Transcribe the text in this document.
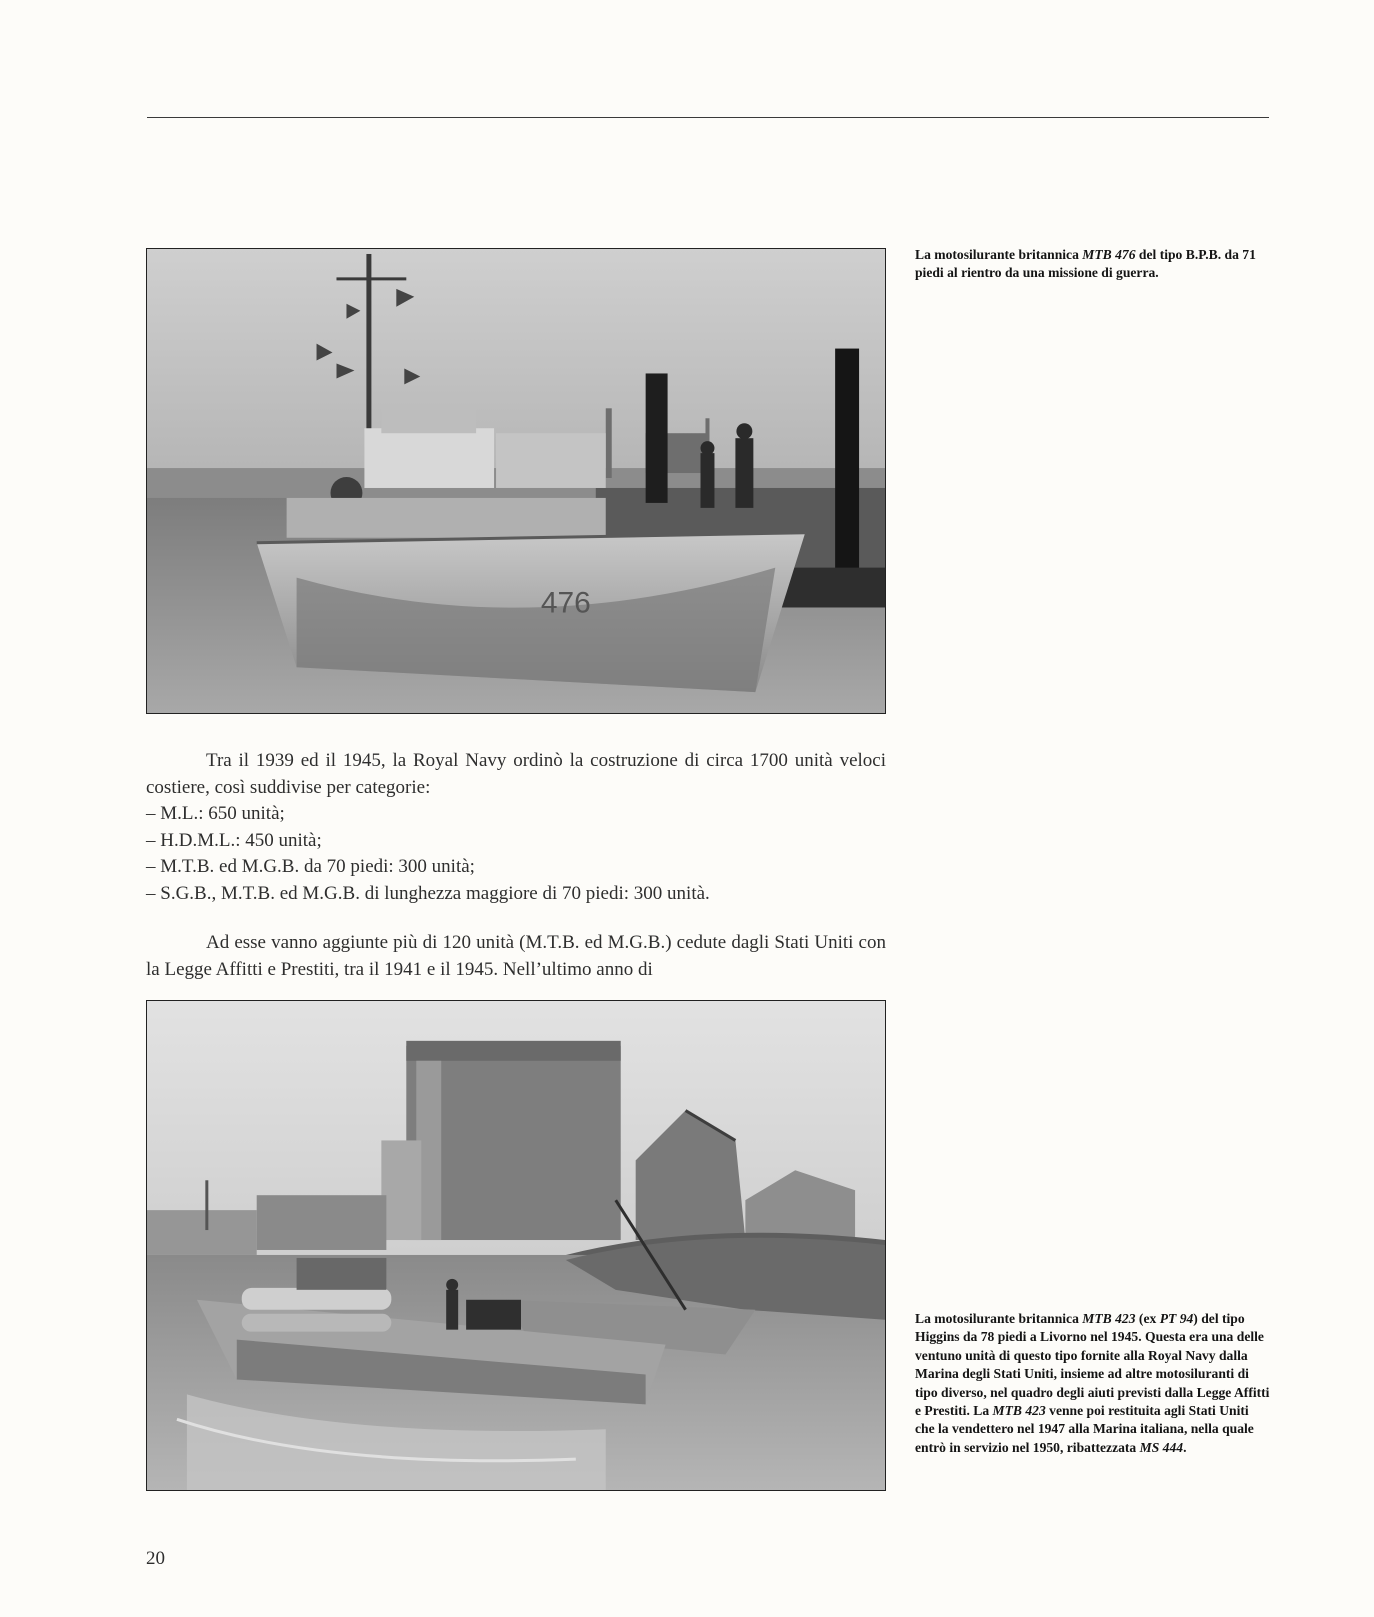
476
La motosilurante britannica MTB 476 del tipo B.P.B. da 71 piedi al rientro da una missione di guerra.

Tra il 1939 ed il 1945, la Royal Navy ordinò la costruzione di circa 1700 unità veloci costiere, così suddivise per categorie:

– M.L.: 650 unità;
– H.D.M.L.: 450 unità;
– M.T.B. ed M.G.B. da 70 piedi: 300 unità;
– S.G.B., M.T.B. ed M.G.B. di lunghezza maggiore di 70 piedi: 300 unità.

Ad esse vanno aggiunte più di 120 unità (M.T.B. ed M.G.B.) cedute dagli Stati Uniti con la Legge Affitti e Prestiti, tra il 1941 e il 1945. Nell’ultimo anno di

La motosilurante britannica MTB 423 (ex PT 94) del tipo Higgins da 78 piedi a Livorno nel 1945. Questa era una delle ventuno unità di questo tipo fornite alla Royal Navy dalla Marina degli Stati Uniti, insieme ad altre motosiluranti di tipo diverso, nel quadro degli aiuti previsti dalla Legge Affitti e Prestiti. La MTB 423 venne poi restituita agli Stati Uniti che la vendettero nel 1947 alla Marina italiana, nella quale entrò in servizio nel 1950, ribattezzata MS 444.
20
